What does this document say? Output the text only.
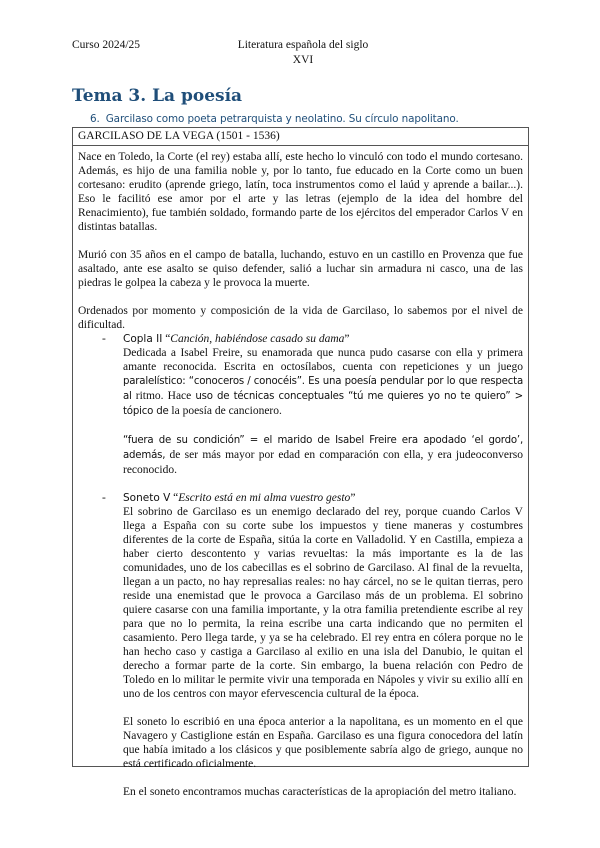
Curso 2024/25	Literatura española del siglo
XVI
Tema 3. La poesía
6. Garcilaso como poeta petrarquista y neolatino. Su círculo napolitano.
GARCILASO DE LA VEGA (1501 - 1536)

Nace en Toledo, la Corte (el rey) estaba allí, este hecho lo vinculó con todo el mundo cortesano. Además, es hijo de una familia noble y, por lo tanto, fue educado en la Corte como un buen cortesano: erudito (aprende griego, latín, toca instrumentos como el laúd y aprende a bailar...). Eso le facilitó ese amor por el arte y las letras (ejemplo de la idea del hombre del Renacimiento), fue también soldado, formando parte de los ejércitos del emperador Carlos V en distintas batallas.

Murió con 35 años en el campo de batalla, luchando, estuvo en un castillo en Provenza que fue asaltado, ante ese asalto se quiso defender, salió a luchar sin armadura ni casco, una de las piedras le golpea la cabeza y le provoca la muerte.

Ordenados por momento y composición de la vida de Garcilaso, lo sabemos por el nivel de dificultad.

- Copla II “Canción, habiéndose casado su dama”

Dedicada a Isabel Freire, su enamorada que nunca pudo casarse con ella y primera amante reconocida. Escrita en octosílabos, cuenta con repeticiones y un juego paralelístico: “conoceros / conocéis”. Es una poesía pendular por lo que respecta al ritmo. Hace uso de técnicas conceptuales “tú me quieres yo no te quiero” > tópico de la poesía de cancionero.

“fuera de su condición” = el marido de Isabel Freire era apodado ‘el gordo’, además, de ser más mayor por edad en comparación con ella, y era judeoconverso reconocido.

- Soneto V “Escrito está en mi alma vuestro gesto”

El sobrino de Garcilaso es un enemigo declarado del rey, porque cuando Carlos V llega a España con su corte sube los impuestos y tiene maneras y costumbres diferentes de la corte de España, sitúa la corte en Valladolid. Y en Castilla, empieza a haber cierto descontento y varias revueltas: la más importante es la de las comunidades, uno de los cabecillas es el sobrino de Garcilaso. Al final de la revuelta, llegan a un pacto, no hay represalias reales: no hay cárcel, no se le quitan tierras, pero reside una enemistad que le provoca a Garcilaso más de un problema. El sobrino quiere casarse con una familia importante, y la otra familia pretendiente escribe al rey para que no lo permita, la reina escribe una carta indicando que no permiten el casamiento. Pero llega tarde, y ya se ha celebrado. El rey entra en cólera porque no le han hecho caso y castiga a Garcilaso al exilio en una isla del Danubio, le quitan el derecho a formar parte de la corte. Sin embargo, la buena relación con Pedro de Toledo en lo militar le permite vivir una temporada en Nápoles y vivir su exilio allí en uno de los centros con mayor efervescencia cultural de la época.

El soneto lo escribió en una época anterior a la napolitana, es un momento en el que Navagero y Castiglione están en España. Garcilaso es una figura conocedora del latín que había imitado a los clásicos y que posiblemente sabría algo de griego, aunque no está certificado oficialmente.

En el soneto encontramos muchas características de la apropiación del metro italiano.
